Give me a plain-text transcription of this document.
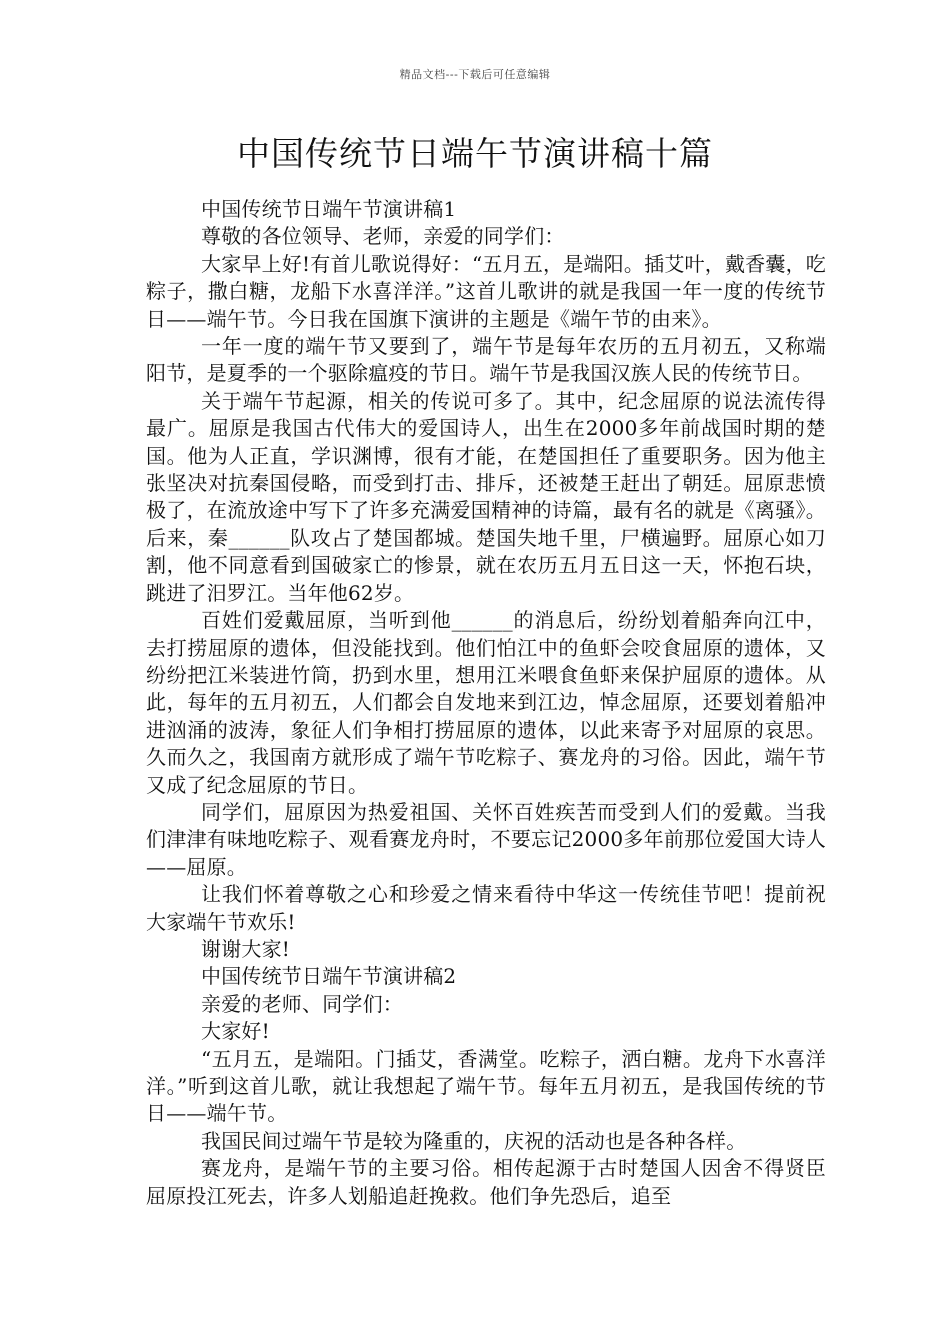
精品文档---下载后可任意编辑
中国传统节日端午节演讲稿十篇

中国传统节日端午节演讲稿1

尊敬的各位领导、老师，亲爱的同学们：

大家早上好!有首儿歌说得好：“五月五，是端阳。插艾叶，戴香囊，吃粽子，撒白糖，龙船下水喜洋洋。”这首儿歌讲的就是我国一年一度的传统节日——端午节。今日我在国旗下演讲的主题是《端午节的由来》。

一年一度的端午节又要到了，端午节是每年农历的五月初五，又称端阳节，是夏季的一个驱除瘟疫的节日。端午节是我国汉族人民的传统节日。

关于端午节起源，相关的传说可多了。其中，纪念屈原的说法流传得最广。屈原是我国古代伟大的爱国诗人，出生在2000多年前战国时期的楚国。他为人正直，学识渊博，很有才能，在楚国担任了重要职务。因为他主张坚决对抗秦国侵略，而受到打击、排斥，还被楚王赶出了朝廷。屈原悲愤极了，在流放途中写下了许多充满爱国精神的诗篇，最有名的就是《离骚》。后来，秦______队攻占了楚国都城。楚国失地千里，尸横遍野。屈原心如刀割，他不同意看到国破家亡的惨景，就在农历五月五日这一天，怀抱石块，跳进了汨罗江。当年他62岁。

百姓们爱戴屈原，当听到他______的消息后，纷纷划着船奔向江中，去打捞屈原的遗体，但没能找到。他们怕江中的鱼虾会咬食屈原的遗体，又纷纷把江米装进竹筒，扔到水里，想用江米喂食鱼虾来保护屈原的遗体。从此，每年的五月初五，人们都会自发地来到江边，悼念屈原，还要划着船冲进汹涌的波涛，象征人们争相打捞屈原的遗体，以此来寄予对屈原的哀思。久而久之，我国南方就形成了端午节吃粽子、赛龙舟的习俗。因此，端午节又成了纪念屈原的节日。

同学们，屈原因为热爱祖国、关怀百姓疾苦而受到人们的爱戴。当我们津津有味地吃粽子、观看赛龙舟时，不要忘记2000多年前那位爱国大诗人——屈原。

让我们怀着尊敬之心和珍爱之情来看待中华这一传统佳节吧！提前祝大家端午节欢乐!

谢谢大家!

中国传统节日端午节演讲稿2

亲爱的老师、同学们：

大家好!

“五月五，是端阳。门插艾，香满堂。吃粽子，洒白糖。龙舟下水喜洋洋。”听到这首儿歌，就让我想起了端午节。每年五月初五，是我国传统的节日——端午节。

我国民间过端午节是较为隆重的，庆祝的活动也是各种各样。

赛龙舟，是端午节的主要习俗。相传起源于古时楚国人因舍不得贤臣屈原投江死去，许多人划船追赶挽救。他们争先恐后，追至
